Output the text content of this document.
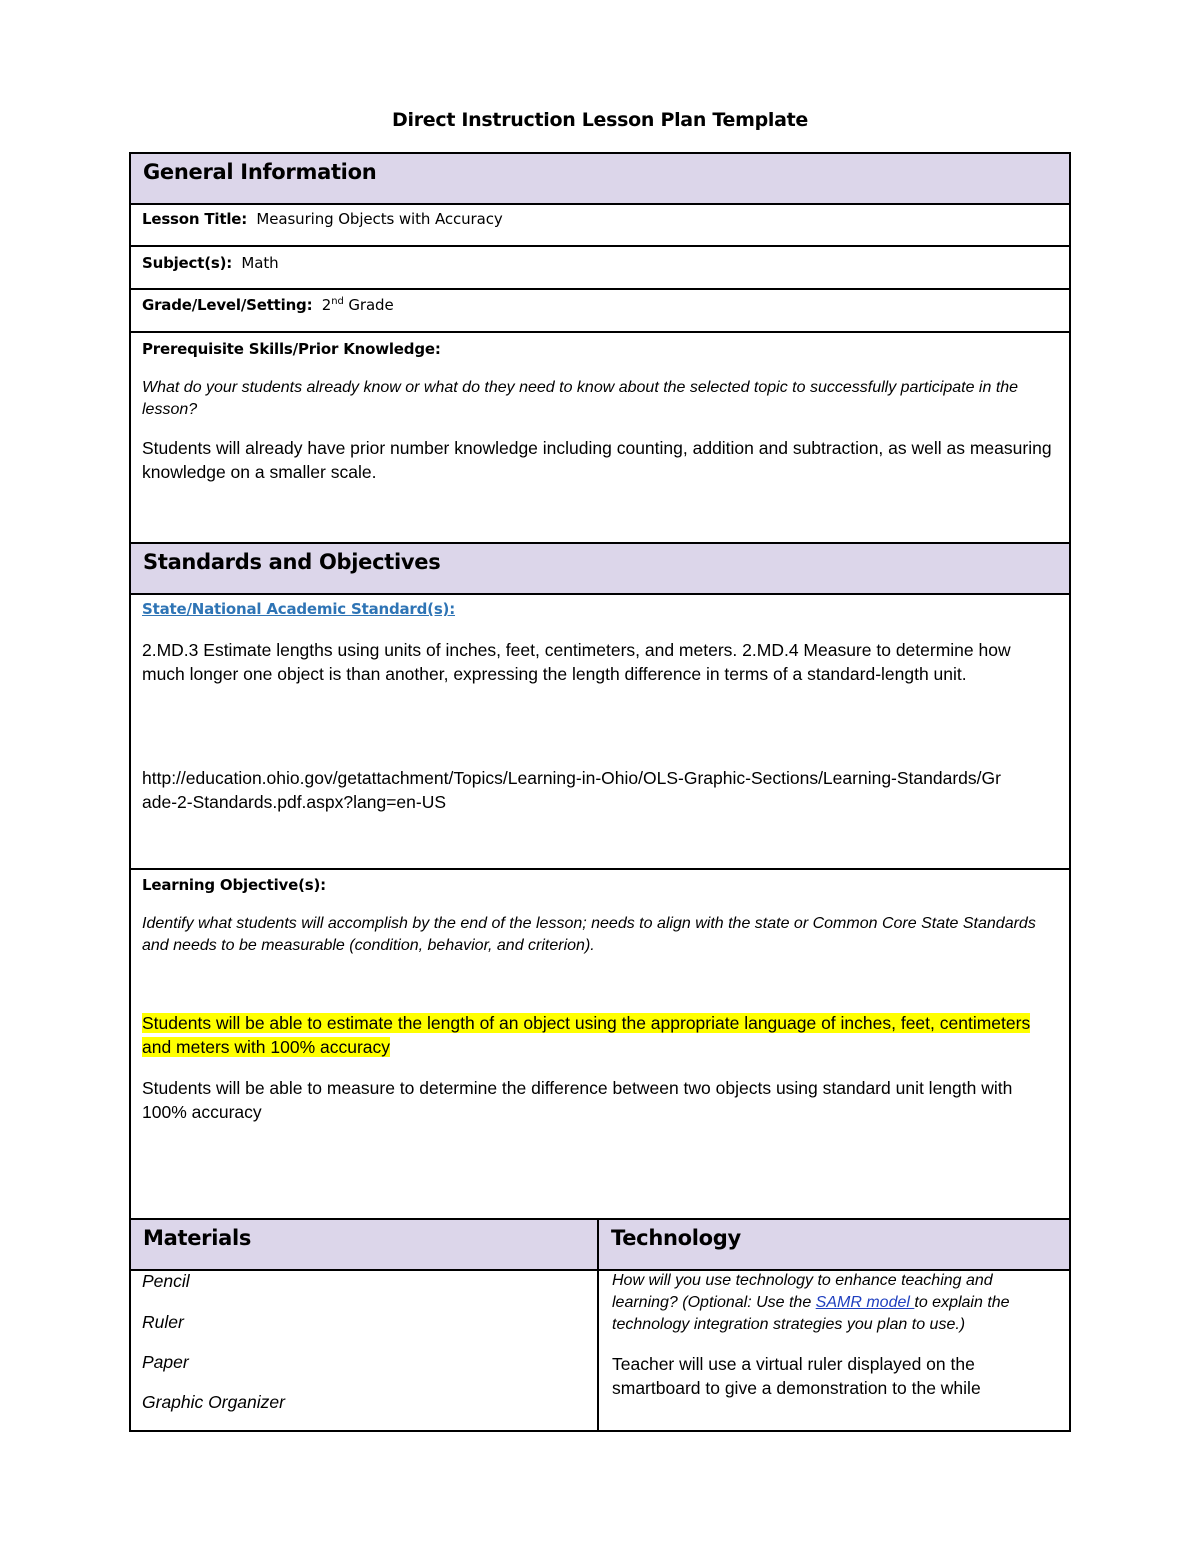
Direct Instruction Lesson Plan Template
General Information
Lesson Title: Measuring Objects with Accuracy
Subject(s): Math
Grade/Level/Setting: 2nd Grade
Prerequisite Skills/Prior Knowledge:
What do your students already know or what do they need to know about the selected topic to successfully participate in the lesson?
Students will already have prior number knowledge including counting, addition and subtraction, as well as measuring knowledge on a smaller scale.
Standards and Objectives
State/National Academic Standard(s):
2.MD.3 Estimate lengths using units of inches, feet, centimeters, and meters. 2.MD.4 Measure to determine how much longer one object is than another, expressing the length difference in terms of a standard-length unit.
http://education.ohio.gov/getattachment/Topics/Learning-in-Ohio/OLS-Graphic-Sections/Learning-Standards/Grade-2-Standards.pdf.aspx?lang=en-US
Learning Objective(s):
Identify what students will accomplish by the end of the lesson; needs to align with the state or Common Core State Standards and needs to be measurable (condition, behavior, and criterion).
Students will be able to estimate the length of an object using the appropriate language of inches, feet, centimeters and meters with 100% accuracy
Students will be able to measure to determine the difference between two objects using standard unit length with 100% accuracy
Materials	Technology
Pencil
Ruler
Paper
Graphic Organizer
How will you use technology to enhance teaching and learning? (Optional: Use the SAMR model to explain the technology integration strategies you plan to use.)
Teacher will use a virtual ruler displayed on the smartboard to give a demonstration to the while
